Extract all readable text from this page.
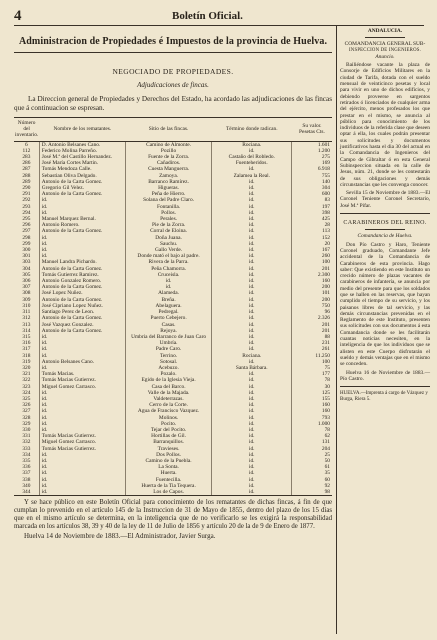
4	Boletín Oficial.
Administracion de Propiedades é Impuestos de la provincia de Huelva.
NEGOCIADO DE PROPIEDADES.
Adjudicaciones de fincas.
La Direccion general de Propiedades y Derechos del Estado, ha acordado las adjudicaciones de las fincas que á continuacion se espresan.
Número del inventario.	Nombre de los rematantes.	Sitio de las fincas.	Término donde radican.	Su valor.
Pesetas Cts.

6	D. Antonio Belsanes Cano.	Camino de Almonte.	Rociana.	1.601
112	Federico Molina Parreño.	Pozillo	id.	1.200
283	José M.ª del Castillo Hernandez.	Fuente de la Zorra.	Castaño del Robledo.	275
286	José María Cortes Martin.	Cañadiros.	Fuenteheridos.	169
287	Tomás Mendoza Calle.	Cuesta Manguerra.	id.	6.918
288	Sebastian Oliva Delgado.	Zamoya.	Zalamea la Real.	755
289	Antonio de la Carta Gomez.	Barranco Ramírez.	id.	140
290	Gregorio Gil Velez.	Higueras.	id.	304
291	Antonio de la Carta Gomez.	Peña de Hierro.	id.	600
292	id.	Solana del Padre Claro.	id.	83
293	id.	Fontanilla.	id.	197
294	id.	Pollos.	id.	398
295	Manuel Marquez Bernal.	Perales.	id.	425
296	Antonio Romero.	Pie de la Zorra.	id.	28
297	Antonio de la Carta Gomez.	Corral de Eloina.	id.	113
298	id.	Doña Juana.	id.	152
299	id.	Sauchu.	id.	20
300	id.	Gallo Verde.	id.	167
301	id.	Donde mató el bajo al padre.	id.	260
303	Manuel Landra Pichardo.	Rivera de la Parra.	id.	100
304	Antonio de la Carta Gomez.	Peña Chamorra.	id.	201
305	Tomás Gutierrez Ramirez.	Cruceisla.	id.	2.300
306	Antonio Gonzalez Romero.	id.	id.	160
307	Antonio de la Carta Gomez.	id.	id.	200
308	José Lopez Nuñez.	Alameda.	id.	101
309	Antonio de la Carta Gomez.	Breña.	id.	200
310	José Cipriano Lopez Nuñez.	Abelaguera.	id.	750
311	Santiago Perez de Leon.	Pedregal.	id.	96
312	Antonio de la Carta Gomez.	Puerto Cebejero.	id.	2.326
313	José Vazquez Gonzalez.	Casas.	id.	201
314	Antonio de la Carta Gomez.	Rejoya.	id.	201
315	id.	Umbria del Barranco de Juan Caro	id.	88
316	id.	Umbría.	id.	231
317	id.	Padre Caro.	id.	261
318	id.	Terrino.	Rociana.	11.250
319	Antonio Belsanes Cano.	Sotosal.	id.	100
320	id.	Acebuzo.	Santa Bárbara.	75
321	Tomás Macias.	Pozalo.	id.	177
322	Tomás Macias Gutierrez.	Egido de la Iglesia Vieja.	id.	78
323	Miguel Gomez Carrasco.	Casa del Barco.	id.	30
324	id.	Valle de la Majada.	id.	125
325	id.	Valdeterrazas.	id.	155
326	id.	Cerro de la Corte.	id.	160
327	id.	Agua de Francisco Vazquez.	id.	160
328	id.	Molinos.	id.	793
329	id.	Pocito.	id.	1.000
330	id.	Tejar del Pocito.	id.	78
331	Tomás Macias Gutierrez.	Hortillas de Gil.	id.	62
332	Miguel Gomez Carrasco.	Barranquillos.	id.	131
333	Tomás Macias Gutierrez.	Travieses.	id.	204
334	id.	Dos Pollos.	id.	25
335	id.	Camino de la Puebla.	id.	50
336	id.	La Sonta.	id.	61
337	id.	Huerta.	id.	35
338	id.	Fuentecilla.	id.	60
340	id.	Huerta de la Tia Tequera.	id.	92
344	id.	Los de Capos.	id.	98
Y se hace público en este Boletín Oficial para conocimiento de los rematantes de dichas fincas, á fin de que cumplan lo prevenido en el artículo 145 de la Instruccion de 31 de Mayo de 1855, dentro del plazo de los 15 días que en el mismo artículo se determina, en la inteligencia que de no verificarlo se les exigirá la responsabilidad marcada en los artículos 38, 39 y 40 de la ley de 11 de Julio de 1856 y artículo 20 de la de 9 de Enero de 1877.
Huelva 14 de Noviembre de 1883.—El Administrador, Javier Surga.
ANDALUCIA.
COMANDANCIA GENERAL SUB-
INSPECCION DE INGENIEROS.
Anuncio.

Bailiéndose vacante la plaza de Consorje de Edificios Militares en la ciudad de Tarifa, dotada con el sueldo mensual de veinticinco pesetas y local para vivir en uno de dichos edificios, y debiendo proveerse en sargentos retirados ó licenciados de cualquier arma del ejército, menos profesados los que prestar en el mismo, se anuncia al público para conocimiento de los individuos de la referida clase que deseen optar á ella, los cuales podrán presentar sus solicitudes y documentos justificativos hasta el dia 30 del actual en la Comandancia de Ingenieros del Campo de Gibraltar ó en esta General Subinspeccion situada en la calle de Jesus, núm. 21, donde se les contestarán de sus obligaciones y demás circunstancias que les convenga conocer.

Sevilla 15 de Noviembre de 1883.—El Coronel Teniente Coronel Secretario, José M.ª Pifar.

CARABINEROS DEL REINO.
Comandancia de Huelva.

Don Pío Castro y Haro, Teniente Coronel graduado, Comandante Jefe accidental de la Comandancia de Carabineros de esta provincia. Hago saber: Que existiendo en este Instituto un crecido número de plazas vacantes de carabineros de infantería, se anuncia por medio del presente para que los soldados que se hallen en las reservas, que hayan cumplido el tiempo de su servicio, y los paisanos libres de tal servicio, y las demás circunstancias prevenidas en el Reglamento de este Instituto, presenten sus solicitudes con sus documentos á esta Comandancia donde se les facilitarán cuantas noticias necesiten, en la inteligencia de que los individuos que se alisten en este Cuerpo disfrutarán el sueldo y demás ventajas que en el mismo se conceden.

Huelva 16 de Noviembre de 1883.—Pío Castro.

HUELVA.—Imprenta á cargo de Vázquez y Burga, Riera 5.
